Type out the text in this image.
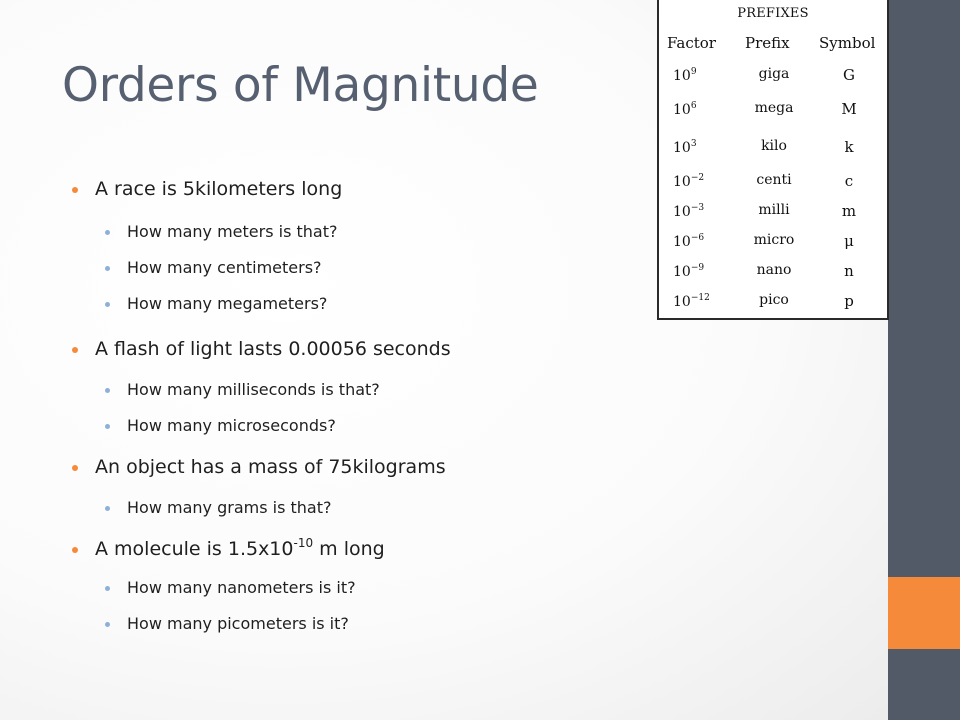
Orders of Magnitude
A race is 5kilometers long
How many meters is that?
How many centimeters?
How many megameters?
A flash of light lasts 0.00056 seconds
How many milliseconds is that?
How many microseconds?
An object has a mass of 75kilograms
How many grams is that?
A molecule is $1.5x10^{-10}$ m long
How many nanometers is it?
How many picometers is it?
PREFIXES
Factor Prefix Symbol
$10^9$	giga	G
$10^6$	mega	M
$10^3$	kilo	k
$10^{-2}$	centi	c
$10^{-3}$	milli	m
$10^{-6}$	micro	μ
$10^{-9}$	nano	n
$10^{-12}$	pico	p
